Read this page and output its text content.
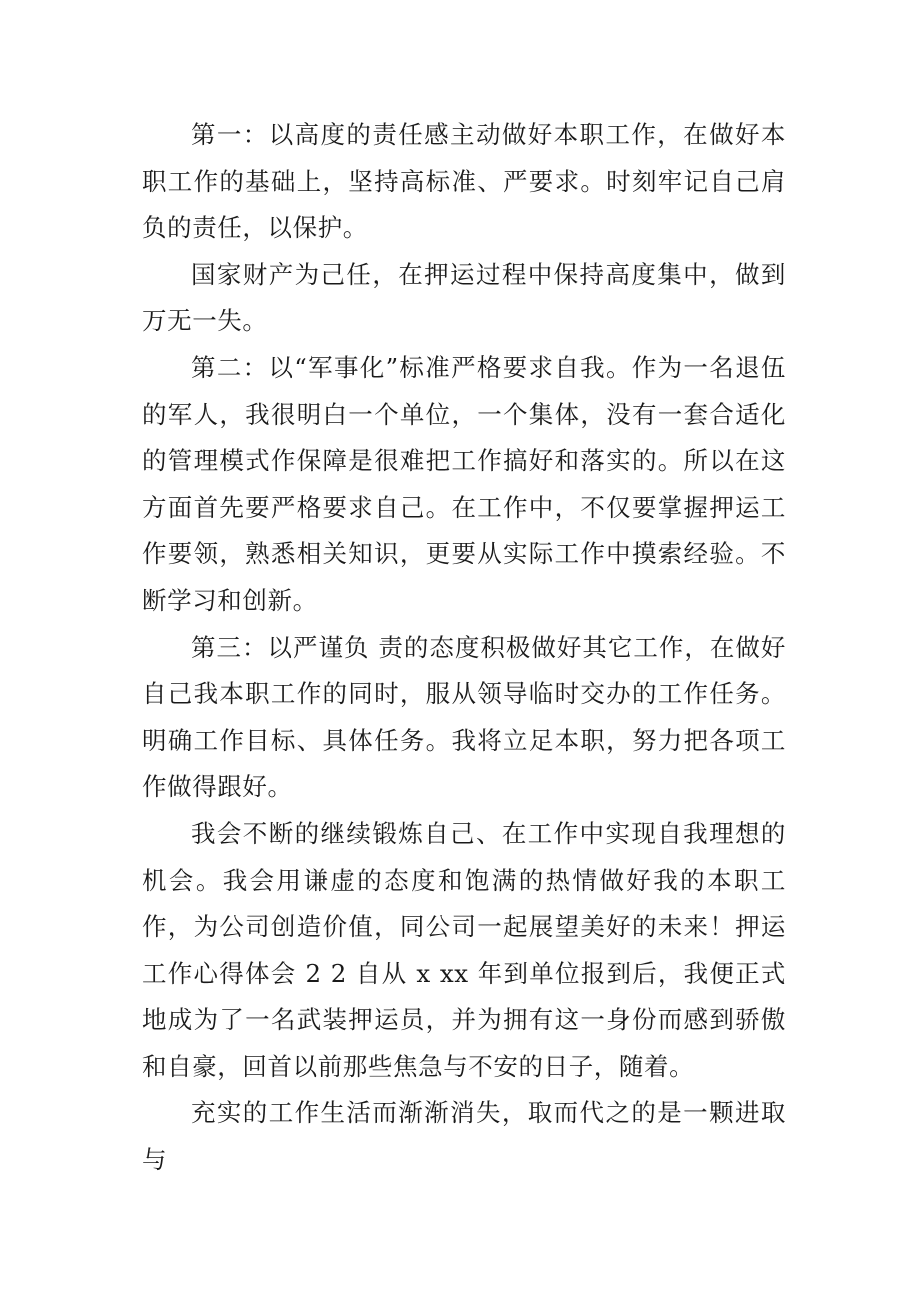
第一：以高度的责任感主动做好本职工作，在做好本职工作的基础上，坚持高标准、严要求。时刻牢记自己肩负的责任，以保护。

国家财产为己任，在押运过程中保持高度集中，做到万无一失。

第二：以“军事化”标准严格要求自我。作为一名退伍的军人，我很明白一个单位，一个集体，没有一套合适化的管理模式作保障是很难把工作搞好和落实的。所以在这方面首先要严格要求自己。在工作中，不仅要掌握押运工作要领，熟悉相关知识，更要从实际工作中摸索经验。不断学习和创新。

第三：以严谨负 责的态度积极做好其它工作，在做好自己我本职工作的同时，服从领导临时交办的工作任务。明确工作目标、具体任务。我将立足本职，努力把各项工作做得跟好。

我会不断的继续锻炼自己、在工作中实现自我理想的机会。我会用谦虚的态度和饱满的热情做好我的本职工作，为公司创造价值，同公司一起展望美好的未来！押运工作心得体会 2 2 自从 x xx 年到单位报到后，我便正式地成为了一名武装押运员，并为拥有这一身份而感到骄傲和自豪，回首以前那些焦急与不安的日子，随着。

充实的工作生活而渐渐消失，取而代之的是一颗进取与
